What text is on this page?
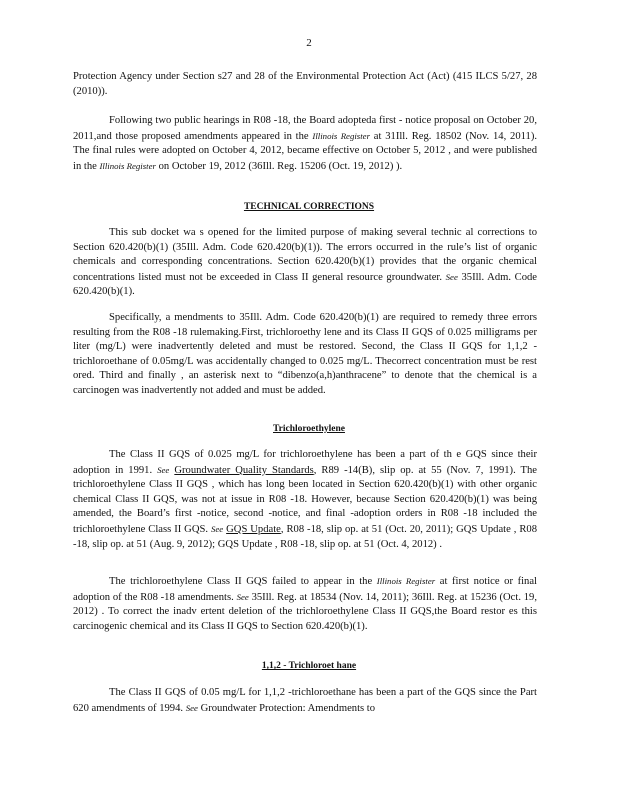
2

Protection Agency under Section s27 and 28 of the Environmental Protection Act (Act) (415 ILCS 5/27, 28 (2010)).

Following two public hearings in R08 -18, the Board adopteda first - notice proposal on October 20, 2011,and those proposed amendments appeared in the Illinois Register at 31Ill. Reg. 18502 (Nov. 14, 2011). The final rules were adopted on October 4, 2012, became effective on October 5, 2012 , and were published in the Illinois Register on October 19, 2012 (36Ill. Reg. 15206 (Oct. 19, 2012) ).

TECHNICAL CORRECTIONS

This sub docket wa s opened for the limited purpose of making several technic al corrections to Section 620.420(b)(1) (35Ill. Adm. Code 620.420(b)(1)). The errors occurred in the rule’s list of organic chemicals and corresponding concentrations. Section 620.420(b)(1) provides that the organic chemical concentrations listed must not be exceeded in Class II general resource groundwater. See 35Ill. Adm. Code 620.420(b)(1).

Specifically, a mendments to 35Ill. Adm. Code 620.420(b)(1) are required to remedy three errors resulting from the R08 -18 rulemaking.First, trichloroethy lene and its Class II GQS of 0.025 milligrams per liter (mg/L) were inadvertently deleted and must be restored. Second, the Class II GQS for 1,1,2 -trichloroethane of 0.05mg/L was accidentally changed to 0.025 mg/L. Thecorrect concentration must be rest ored. Third and finally , an asterisk next to “dibenzo(a,h)anthracene” to denote that the chemical is a carcinogen was inadvertently not added and must be added.

Trichloroethylene

The Class II GQS of 0.025 mg/L for trichloroethylene has been a part of th e GQS since their adoption in 1991. See Groundwater Quality Standards, R89 -14(B), slip op. at 55 (Nov. 7, 1991). The trichloroethylene Class II GQS , which has long been located in Section 620.420(b)(1) with other organic chemical Class II GQS, was not at issue in R08 -18. However, because Section 620.420(b)(1) was being amended, the Board’s first -notice, second -notice, and final -adoption orders in R08 -18 included the trichloroethylene Class II GQS. See GQS Update, R08 -18, slip op. at 51 (Oct. 20, 2011); GQS Update , R08 -18, slip op. at 51 (Aug. 9, 2012); GQS Update , R08 -18, slip op. at 51 (Oct. 4, 2012) .

The trichloroethylene Class II GQS failed to appear in the Illinois Register at first notice or final adoption of the R08 -18 amendments. See 35Ill. Reg. at 18534 (Nov. 14, 2011); 36Ill. Reg. at 15236 (Oct. 19, 2012) . To correct the inadv ertent deletion of the trichloroethylene Class II GQS,the Board restor es this carcinogenic chemical and its Class II GQS to Section 620.420(b)(1).

1,1,2 - Trichloroet hane

The Class II GQS of 0.05 mg/L for 1,1,2 -trichloroethane has been a part of the GQS since the Part 620 amendments of 1994. See Groundwater Protection: Amendments to
